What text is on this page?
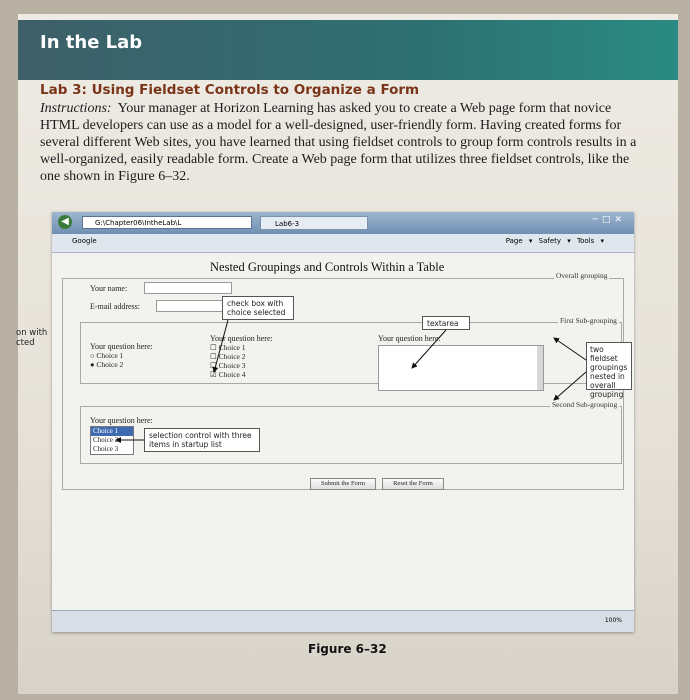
In the Lab
Lab 3: Using Fieldset Controls to Organize a Form
Instructions: Your manager at Horizon Learning has asked you to create a Web page form that novice HTML developers can use as a model for a well-designed, user-friendly form. Having created forms for several different Web sites, you have learned that using fieldset controls to group form controls results in a well-organized, easily readable form. Create a Web page form that utilizes three fieldset controls, like the one shown in Figure 6–32.
◀	G:\Chapter06\IntheLab\L	Lab6-3	─□✕
Google	Page ▾ Safety ▾ Tools ▾
Nested Groupings and Controls Within a Table
Overall grouping
Your name:
E-mail address:
First Sub-grouping
Your question here:
○ Choice 1
● Choice 2
Your question here:
☐ Choice 1
☐ Choice 2
☐ Choice 3
☑ Choice 4
Your question here:
Second Sub-grouping
Your question here:
Choice 1
Choice 2
Choice 3
Submit the Form	Reset the Form
check box with choice selected
textarea
two fieldset groupings nested in overall grouping
selection control with three items in startup list
100%
on with
cted
Figure 6–32
